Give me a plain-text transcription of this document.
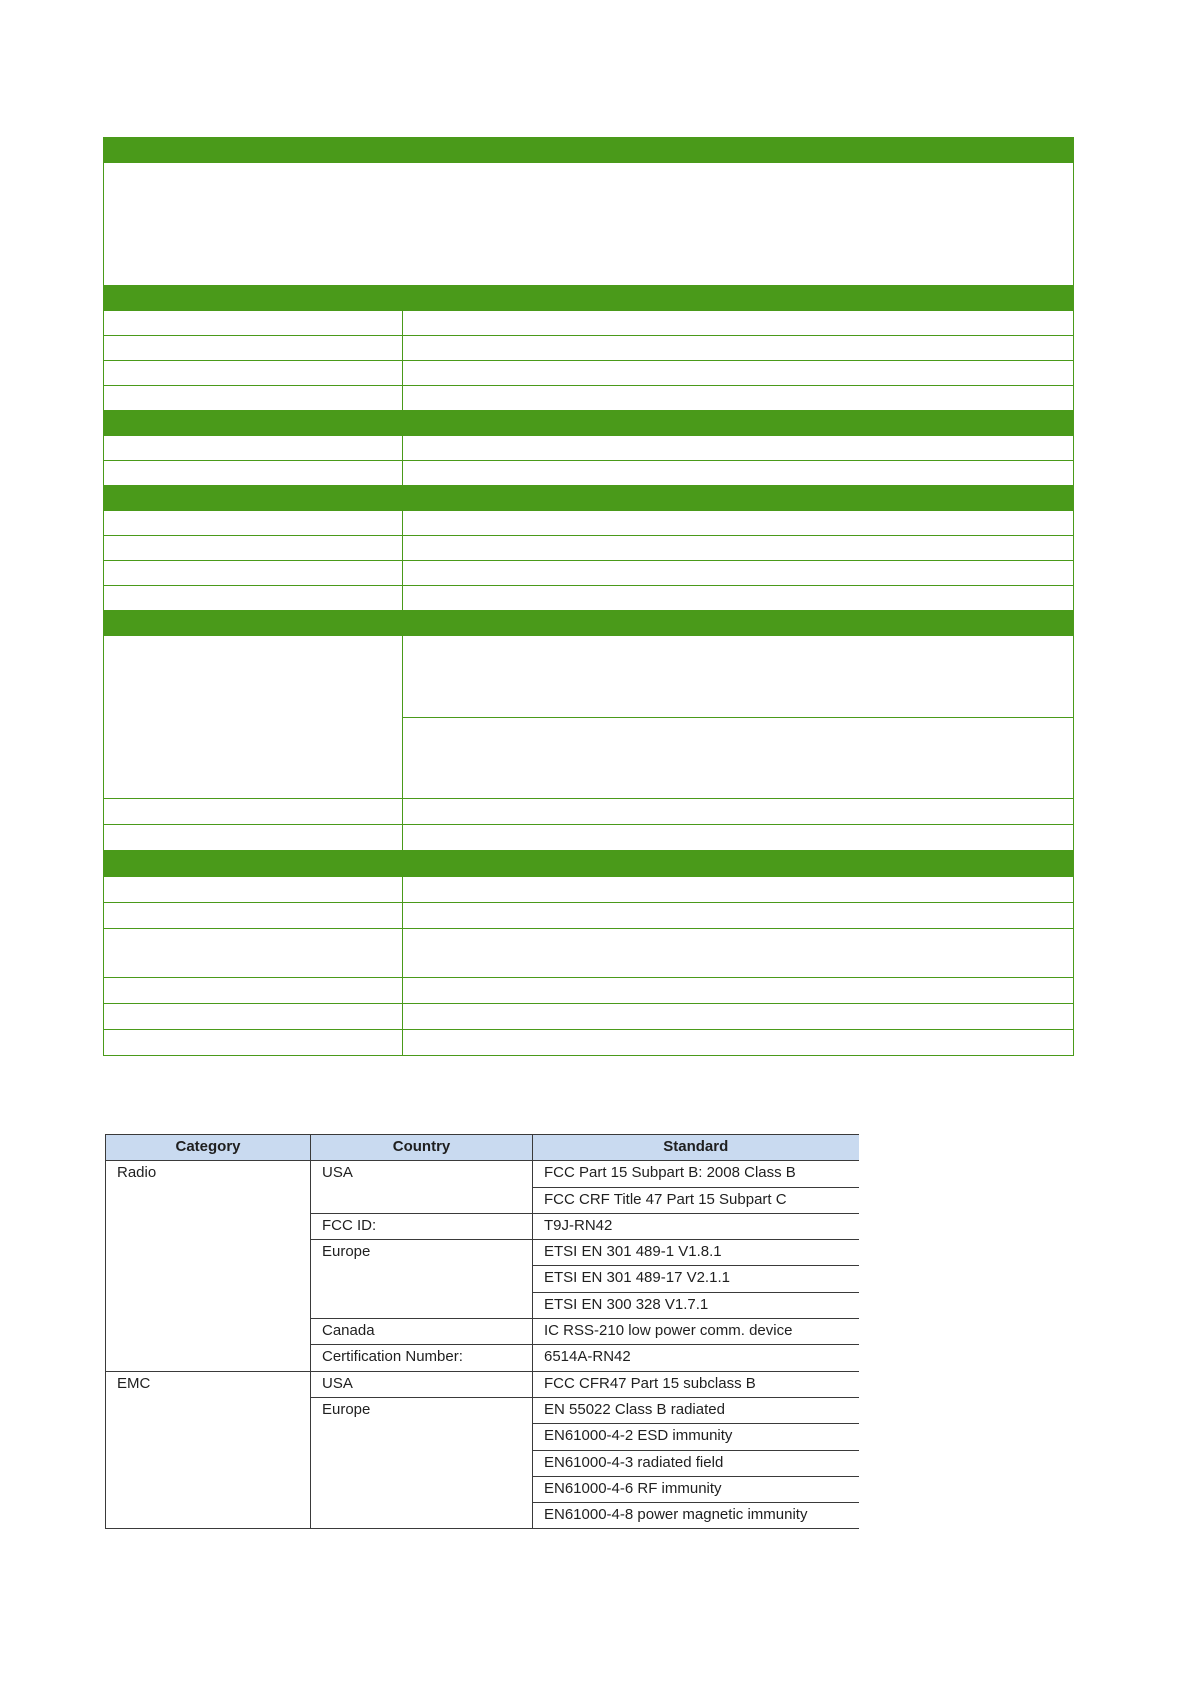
Category	Country	Standard
Radio	USA	FCC Part 15 Subpart B: 2008 Class B
		FCC CRF Title 47 Part 15 Subpart C
	FCC ID:	T9J-RN42
	Europe	ETSI EN 301 489-1 V1.8.1
		ETSI EN 301 489-17 V2.1.1
		ETSI EN 300 328 V1.7.1
	Canada	IC RSS-210 low power comm. device
	Certification Number:	6514A-RN42
EMC	USA	FCC CFR47 Part 15 subclass B
	Europe	EN 55022 Class B radiated
		EN61000-4-2 ESD immunity
		EN61000-4-3 radiated field
		EN61000-4-6 RF immunity
		EN61000-4-8 power magnetic immunity
